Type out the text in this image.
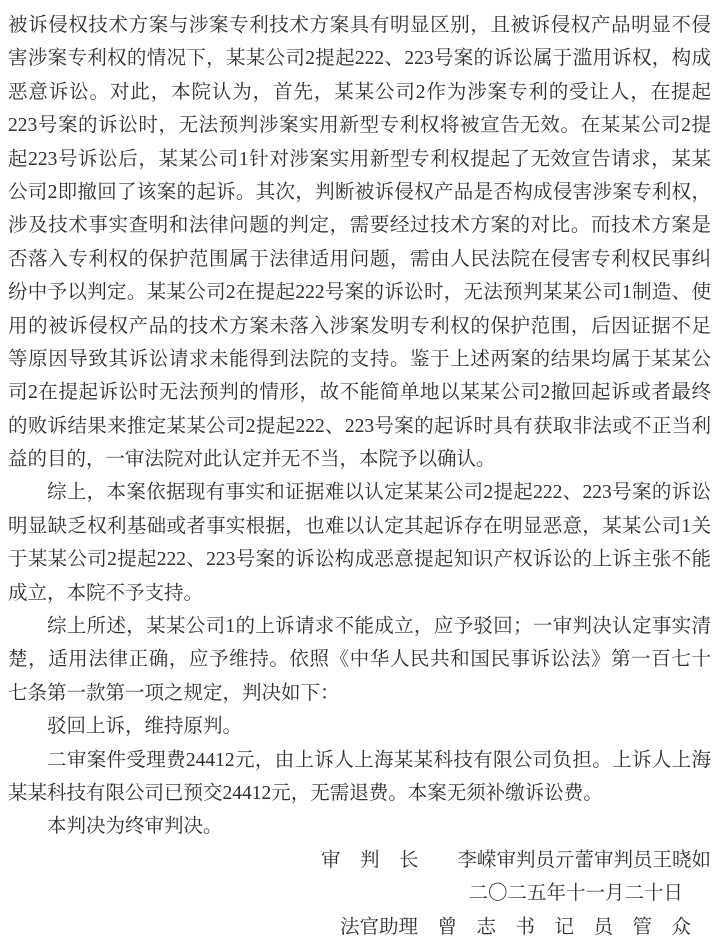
被诉侵权技术方案与涉案专利技术方案具有明显区别，且被诉侵权产品明显不侵
害涉案专利权的情况下，某某公司2提起222、223号案的诉讼属于滥用诉权，构成
恶意诉讼。对此，本院认为，首先，某某公司2作为涉案专利的受让人，在提起
223号案的诉讼时，无法预判涉案实用新型专利权将被宣告无效。在某某公司2提
起223号诉讼后，某某公司1针对涉案实用新型专利权提起了无效宣告请求，某某
公司2即撤回了该案的起诉。其次，判断被诉侵权产品是否构成侵害涉案专利权，
涉及技术事实查明和法律问题的判定，需要经过技术方案的对比。而技术方案是
否落入专利权的保护范围属于法律适用问题，需由人民法院在侵害专利权民事纠
纷中予以判定。某某公司2在提起222号案的诉讼时，无法预判某某公司1制造、使
用的被诉侵权产品的技术方案未落入涉案发明专利权的保护范围，后因证据不足
等原因导致其诉讼请求未能得到法院的支持。鉴于上述两案的结果均属于某某公
司2在提起诉讼时无法预判的情形，故不能简单地以某某公司2撤回起诉或者最终
的败诉结果来推定某某公司2提起222、223号案的起诉时具有获取非法或不正当利
益的目的，一审法院对此认定并无不当，本院予以确认。
综上，本案依据现有事实和证据难以认定某某公司2提起222、223号案的诉讼
明显缺乏权利基础或者事实根据，也难以认定其起诉存在明显恶意，某某公司1关
于某某公司2提起222、223号案的诉讼构成恶意提起知识产权诉讼的上诉主张不能
成立，本院不予支持。
综上所述，某某公司1的上诉请求不能成立，应予驳回；一审判决认定事实清
楚，适用法律正确，应予维持。依照《中华人民共和国民事诉讼法》第一百七十
七条第一款第一项之规定，判决如下：
驳回上诉，维持原判。
二审案件受理费24412元，由上诉人上海某某科技有限公司负担。上诉人上海
某某科技有限公司已预交24412元，无需退费。本案无须补缴诉讼费。
本判决为终审判决。
审　判　长　　李嵘审判员亓蕾审判员王晓如
二〇二五年十一月二十日
法官助理　曾　志　书　记　员　管　众
